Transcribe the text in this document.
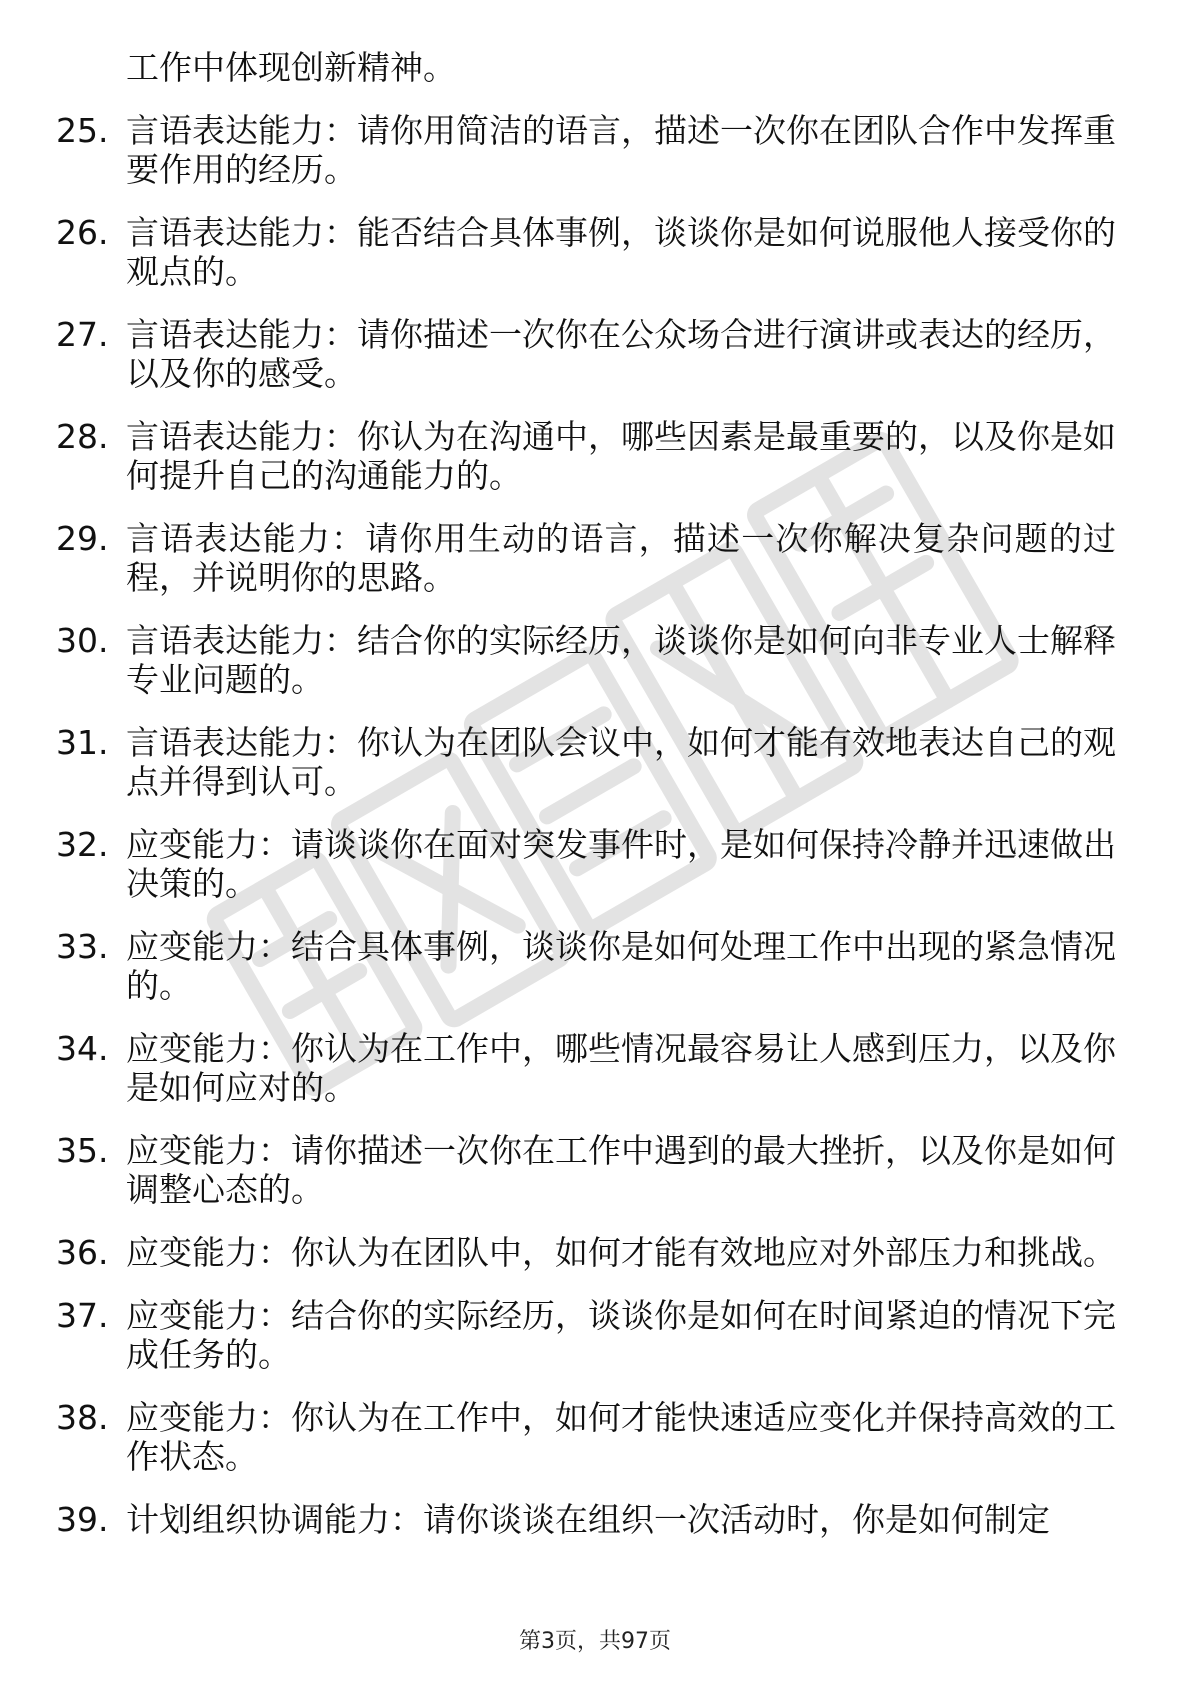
工作中体现创新精神。
25. 言语表达能力：请你用简洁的语言，描述一次你在团队合作中发挥重要作用的经历。
26. 言语表达能力：能否结合具体事例，谈谈你是如何说服他人接受你的观点的。
27. 言语表达能力：请你描述一次你在公众场合进行演讲或表达的经历，以及你的感受。
28. 言语表达能力：你认为在沟通中，哪些因素是最重要的，以及你是如何提升自己的沟通能力的。
29. 言语表达能力：请你用生动的语言，描述一次你解决复杂问题的过程，并说明你的思路。
30. 言语表达能力：结合你的实际经历，谈谈你是如何向非专业人士解释专业问题的。
31. 言语表达能力：你认为在团队会议中，如何才能有效地表达自己的观点并得到认可。
32. 应变能力：请谈谈你在面对突发事件时，是如何保持冷静并迅速做出决策的。
33. 应变能力：结合具体事例，谈谈你是如何处理工作中出现的紧急情况的。
34. 应变能力：你认为在工作中，哪些情况最容易让人感到压力，以及你是如何应对的。
35. 应变能力：请你描述一次你在工作中遇到的最大挫折，以及你是如何调整心态的。
36. 应变能力：你认为在团队中，如何才能有效地应对外部压力和挑战。
37. 应变能力：结合你的实际经历，谈谈你是如何在时间紧迫的情况下完成任务的。
38. 应变能力：你认为在工作中，如何才能快速适应变化并保持高效的工作状态。
39. 计划组织协调能力：请你谈谈在组织一次活动时，你是如何制定
第3页，共97页
